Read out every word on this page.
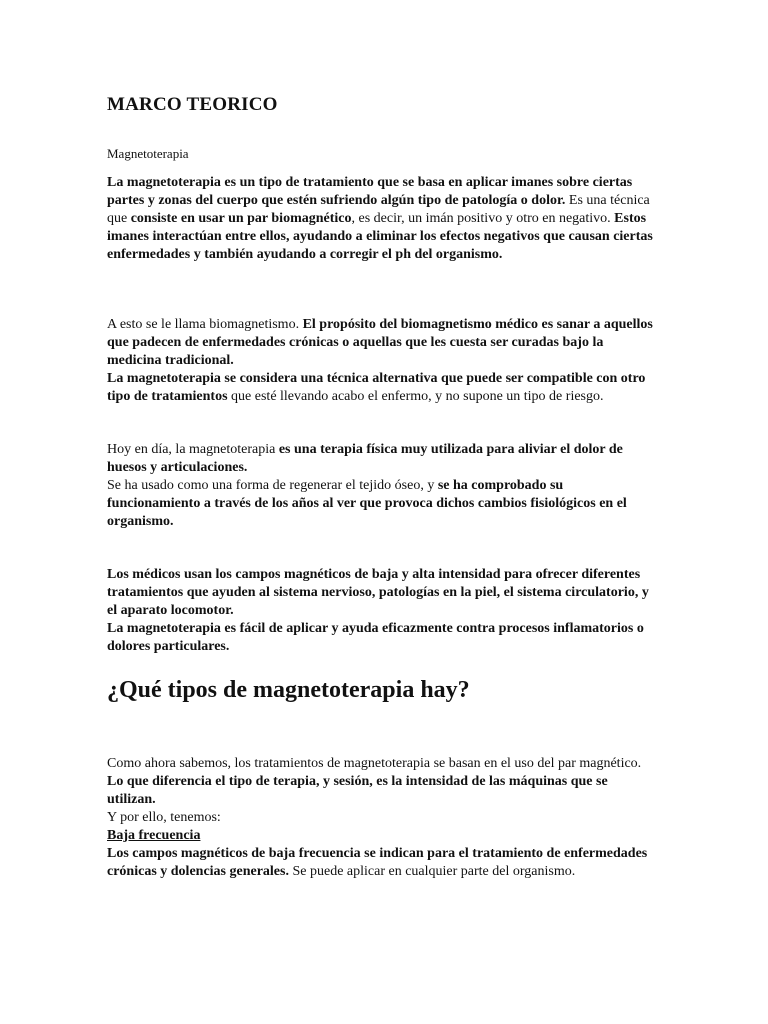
MARCO TEORICO

Magnetoterapia

La magnetoterapia es un tipo de tratamiento que se basa en aplicar imanes sobre ciertas partes y zonas del cuerpo que estén sufriendo algún tipo de patología o dolor. Es una técnica que consiste en usar un par biomagnético, es decir, un imán positivo y otro en negativo. Estos imanes interactúan entre ellos, ayudando a eliminar los efectos negativos que causan ciertas enfermedades y también ayudando a corregir el ph del organismo.

A esto se le llama biomagnetismo. El propósito del biomagnetismo médico es sanar a aquellos que padecen de enfermedades crónicas o aquellas que les cuesta ser curadas bajo la medicina tradicional.
La magnetoterapia se considera una técnica alternativa que puede ser compatible con otro tipo de tratamientos que esté llevando acabo el enfermo, y no supone un tipo de riesgo.

Hoy en día, la magnetoterapia es una terapia física muy utilizada para aliviar el dolor de huesos y articulaciones.
Se ha usado como una forma de regenerar el tejido óseo, y se ha comprobado su funcionamiento a través de los años al ver que provoca dichos cambios fisiológicos en el organismo.

Los médicos usan los campos magnéticos de baja y alta intensidad para ofrecer diferentes tratamientos que ayuden al sistema nervioso, patologías en la piel, el sistema circulatorio, y el aparato locomotor.
La magnetoterapia es fácil de aplicar y ayuda eficazmente contra procesos inflamatorios o dolores particulares.

¿Qué tipos de magnetoterapia hay?

Como ahora sabemos, los tratamientos de magnetoterapia se basan en el uso del par magnético.
Lo que diferencia el tipo de terapia, y sesión, es la intensidad de las máquinas que se utilizan.
Y por ello, tenemos:
Baja frecuencia
Los campos magnéticos de baja frecuencia se indican para el tratamiento de enfermedades crónicas y dolencias generales. Se puede aplicar en cualquier parte del organismo.
